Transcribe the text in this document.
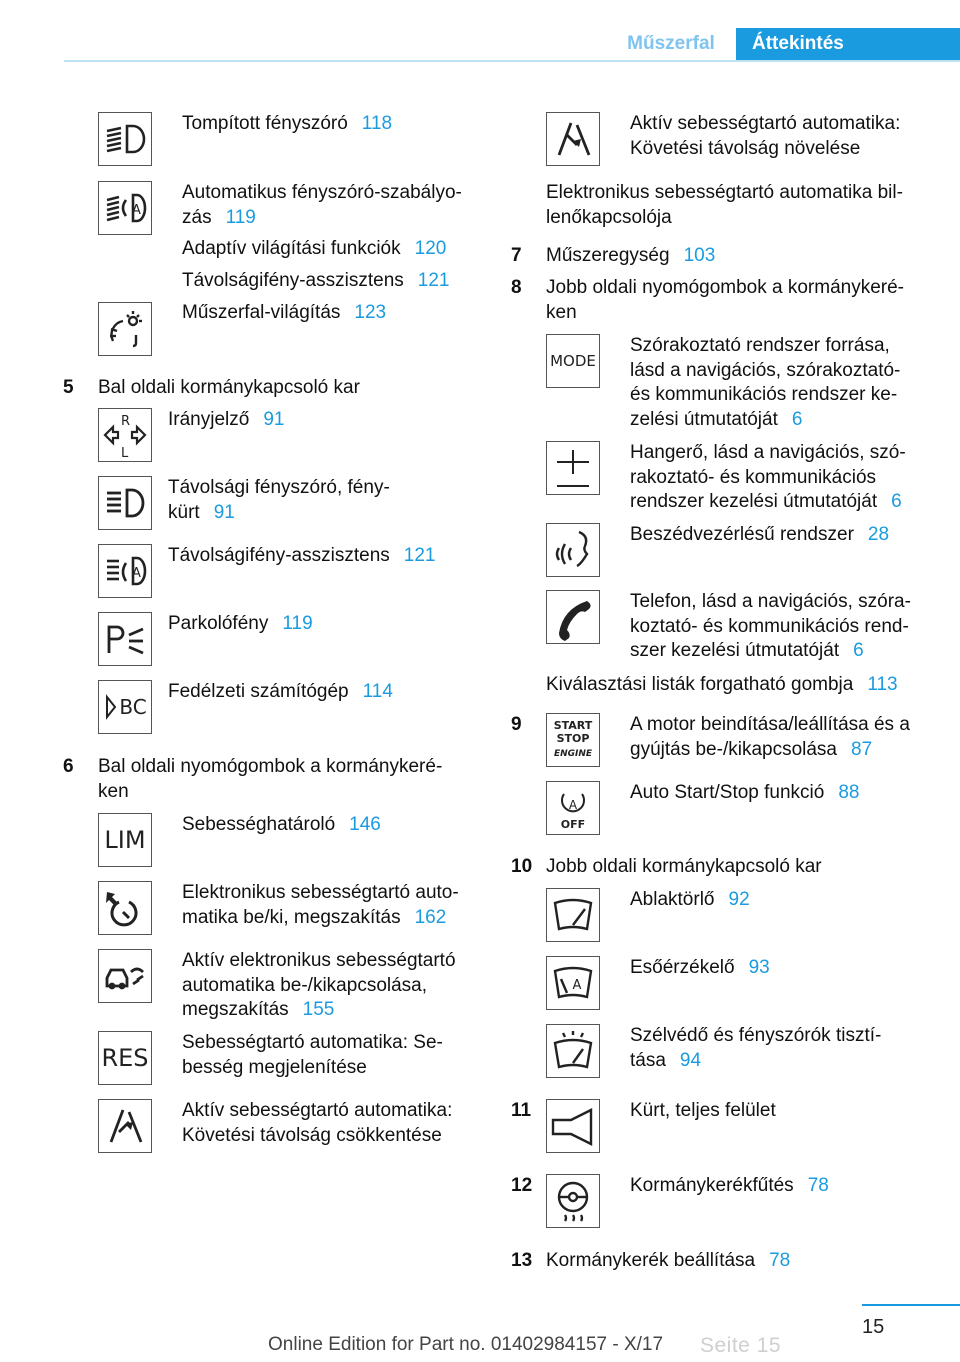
Műszerfal	Áttekintés
Tompított fényszóró 118
A
Automatikus fényszóró-szabályo-
zás 119
Adaptív világítási funkciók 120
Távolságifény-asszisztens 121
Műszerfal-világítás 123
5 Bal oldali kormánykapcsoló kar
R
L
Irányjelző 91
Távolsági fényszóró, fény-
kürt 91
A
Távolságifény-asszisztens 121
Parkolófény 119
BC
Fedélzeti számítógép 114
6 Bal oldali nyomógombok a kormánykeré-
ken
LIM
Sebességhatároló 146
Elektronikus sebességtartó auto-
matika be/ki, megszakítás 162
Aktív elektronikus sebességtartó
automatika be-/kikapcsolása,
megszakítás 155
RES
Sebességtartó automatika: Se-
besség megjelenítése
Aktív sebességtartó automatika:
Követési távolság csökkentése
Aktív sebességtartó automatika:
Követési távolság növelése
Elektronikus sebességtartó automatika bil-
lenőkapcsolója
7 Műszeregység 103
8 Jobb oldali nyomógombok a kormánykeré-
ken
MODE
Szórakoztató rendszer forrása,
lásd a navigációs, szórakoztató-
és kommunikációs rendszer ke-
zelési útmutatóját 6
Hangerő, lásd a navigációs, szó-
rakoztató- és kommunikációs
rendszer kezelési útmutatóját 6
Beszédvezérlésű rendszer 28
Telefon, lásd a navigációs, szóra-
koztató- és kommunikációs rend-
szer kezelési útmutatóját 6
Kiválasztási listák forgatható gombja 113
9	START
STOP
ENGINE
A motor beindítása/leállítása és a
gyújtás be-/kikapcsolása 87
A
OFF
Auto Start/Stop funkció 88
10 Jobb oldali kormánykapcsoló kar
Ablaktörlő 92
A
Esőérzékelő 93
Szélvédő és fényszórók tisztí-
tása 94
11	Kürt, teljes felület
12	Kormánykerékfűtés 78
13 Kormánykerék beállítása 78
15
Online Edition for Part no. 01402984157 - X/17 Seite 15
